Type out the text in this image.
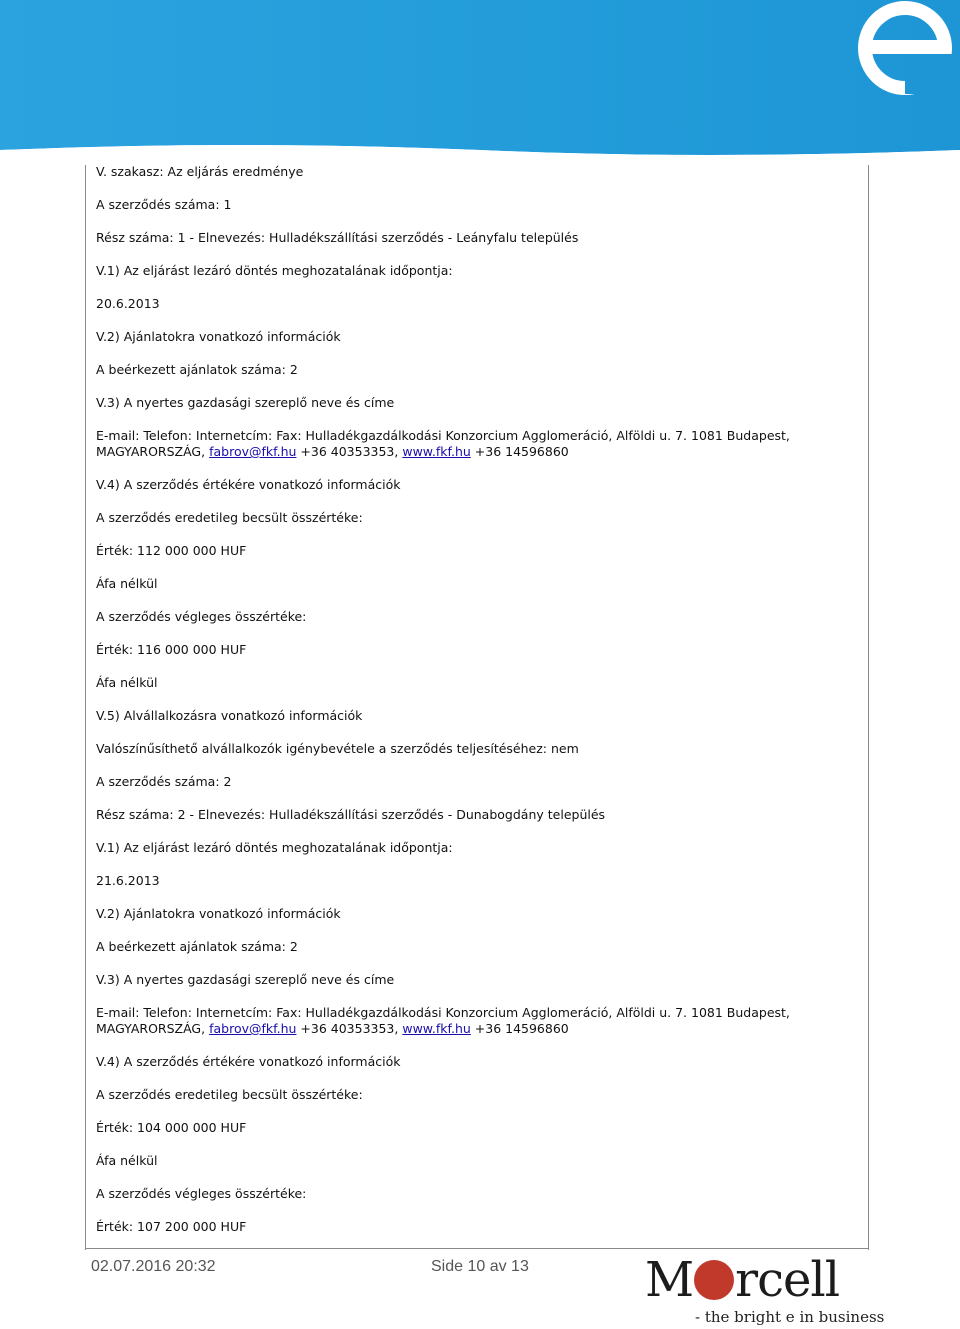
V. szakasz: Az eljárás eredménye
A szerződés száma: 1
Rész száma: 1 - Elnevezés: Hulladékszállítási szerződés - Leányfalu település
V.1) Az eljárást lezáró döntés meghozatalának időpontja:
20.6.2013
V.2) Ajánlatokra vonatkozó információk
A beérkezett ajánlatok száma: 2
V.3) A nyertes gazdasági szereplő neve és címe
E-mail: Telefon: Internetcím: Fax: Hulladékgazdálkodási Konzorcium Agglomeráció, Alföldi u. 7. 1081 Budapest, MAGYARORSZÁG, fabrov@fkf.hu +36 40353353, www.fkf.hu +36 14596860
V.4) A szerződés értékére vonatkozó információk
A szerződés eredetileg becsült összértéke:
Érték: 112 000 000 HUF
Áfa nélkül
A szerződés végleges összértéke:
Érték: 116 000 000 HUF
Áfa nélkül
V.5) Alvállalkozásra vonatkozó információk
Valószínűsíthető alvállalkozók igénybevétele a szerződés teljesítéséhez: nem
A szerződés száma: 2
Rész száma: 2 - Elnevezés: Hulladékszállítási szerződés - Dunabogdány település
V.1) Az eljárást lezáró döntés meghozatalának időpontja:
21.6.2013
V.2) Ajánlatokra vonatkozó információk
A beérkezett ajánlatok száma: 2
V.3) A nyertes gazdasági szereplő neve és címe
E-mail: Telefon: Internetcím: Fax: Hulladékgazdálkodási Konzorcium Agglomeráció, Alföldi u. 7. 1081 Budapest, MAGYARORSZÁG, fabrov@fkf.hu +36 40353353, www.fkf.hu +36 14596860
V.4) A szerződés értékére vonatkozó információk
A szerződés eredetileg becsült összértéke:
Érték: 104 000 000 HUF
Áfa nélkül
A szerződés végleges összértéke:
Érték: 107 200 000 HUF
02.07.2016 20:32	Side 10 av 13 M rcell
- the bright e in business
